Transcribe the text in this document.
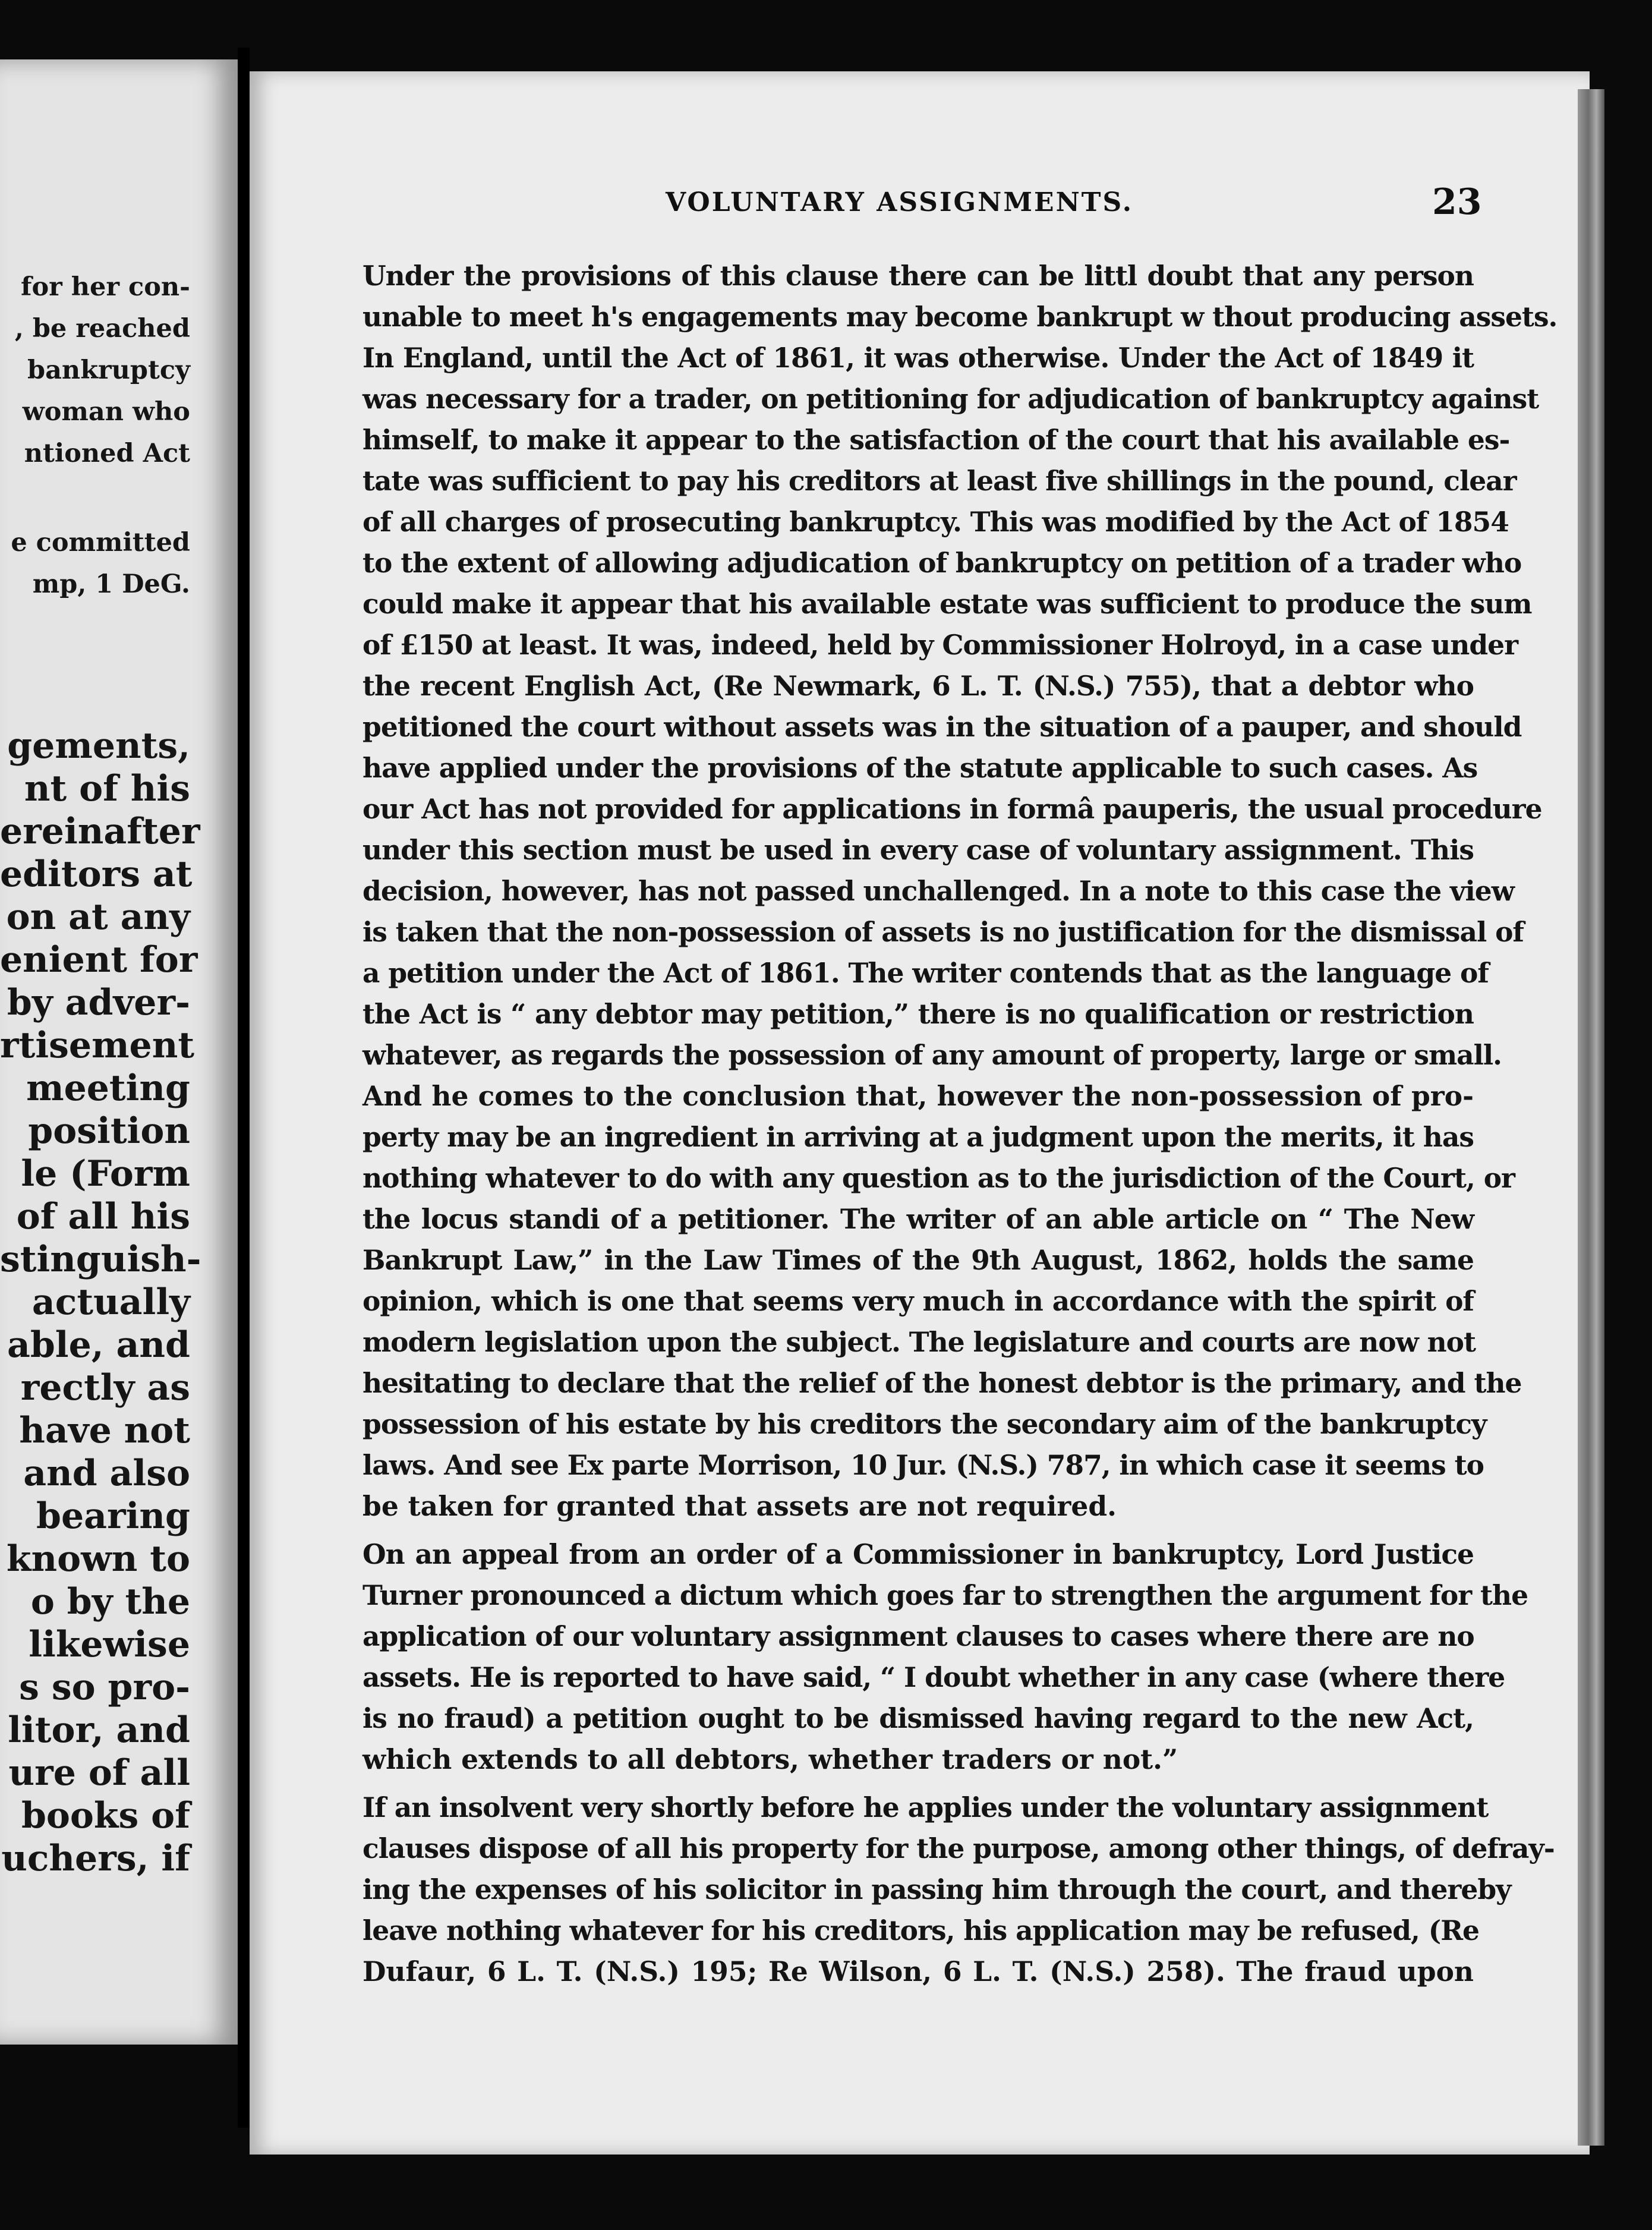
for her con-
, be reached
bankruptcy
woman who
ntioned Act
e committed
mp, 1 DeG.
gements,
nt of his
ereinafter
editors at
on at any
enient for
by adver-
rtisement
meeting
position
le (Form
of all his
stinguish-
actually
able, and
rectly as
have not
and also
bearing
known to
o by the
likewise
s so pro-
litor, and
ure of all
books of
uchers, if
VOLUNTARY ASSIGNMENTS.	23
Under the provisions of this clause there can be littl doubt that any person
unable to meet h's engagements may become bankrupt w thout producing assets.
In England, until the Act of 1861, it was otherwise. Under the Act of 1849 it
was necessary for a trader, on petitioning for adjudication of bankruptcy against
himself, to make it appear to the satisfaction of the court that his available es-
tate was sufficient to pay his creditors at least five shillings in the pound, clear
of all charges of prosecuting bankruptcy. This was modified by the Act of 1854
to the extent of allowing adjudication of bankruptcy on petition of a trader who
could make it appear that his available estate was sufficient to produce the sum
of £150 at least. It was, indeed, held by Commissioner Holroyd, in a case under
the recent English Act, (Re Newmark, 6 L. T. (N.S.) 755), that a debtor who
petitioned the court without assets was in the situation of a pauper, and should
have applied under the provisions of the statute applicable to such cases. As
our Act has not provided for applications in formâ pauperis, the usual procedure
under this section must be used in every case of voluntary assignment. This
decision, however, has not passed unchallenged. In a note to this case the view
is taken that the non-possession of assets is no justification for the dismissal of
a petition under the Act of 1861. The writer contends that as the language of
the Act is “ any debtor may petition,” there is no qualification or restriction
whatever, as regards the possession of any amount of property, large or small.
And he comes to the conclusion that, however the non-possession of pro-
perty may be an ingredient in arriving at a judgment upon the merits, it has
nothing whatever to do with any question as to the jurisdiction of the Court, or
the locus standi of a petitioner. The writer of an able article on “ The New
Bankrupt Law,” in the Law Times of the 9th August, 1862, holds the same
opinion, which is one that seems very much in accordance with the spirit of
modern legislation upon the subject. The legislature and courts are now not
hesitating to declare that the relief of the honest debtor is the primary, and the
possession of his estate by his creditors the secondary aim of the bankruptcy
laws. And see Ex parte Morrison, 10 Jur. (N.S.) 787, in which case it seems to
be taken for granted that assets are not required.
On an appeal from an order of a Commissioner in bankruptcy, Lord Justice
Turner pronounced a dictum which goes far to strengthen the argument for the
application of our voluntary assignment clauses to cases where there are no
assets. He is reported to have said, “ I doubt whether in any case (where there
is no fraud) a petition ought to be dismissed having regard to the new Act,
which extends to all debtors, whether traders or not.”
If an insolvent very shortly before he applies under the voluntary assignment
clauses dispose of all his property for the purpose, among other things, of defray-
ing the expenses of his solicitor in passing him through the court, and thereby
leave nothing whatever for his creditors, his application may be refused, (Re
Dufaur, 6 L. T. (N.S.) 195; Re Wilson, 6 L. T. (N.S.) 258). The fraud upon
